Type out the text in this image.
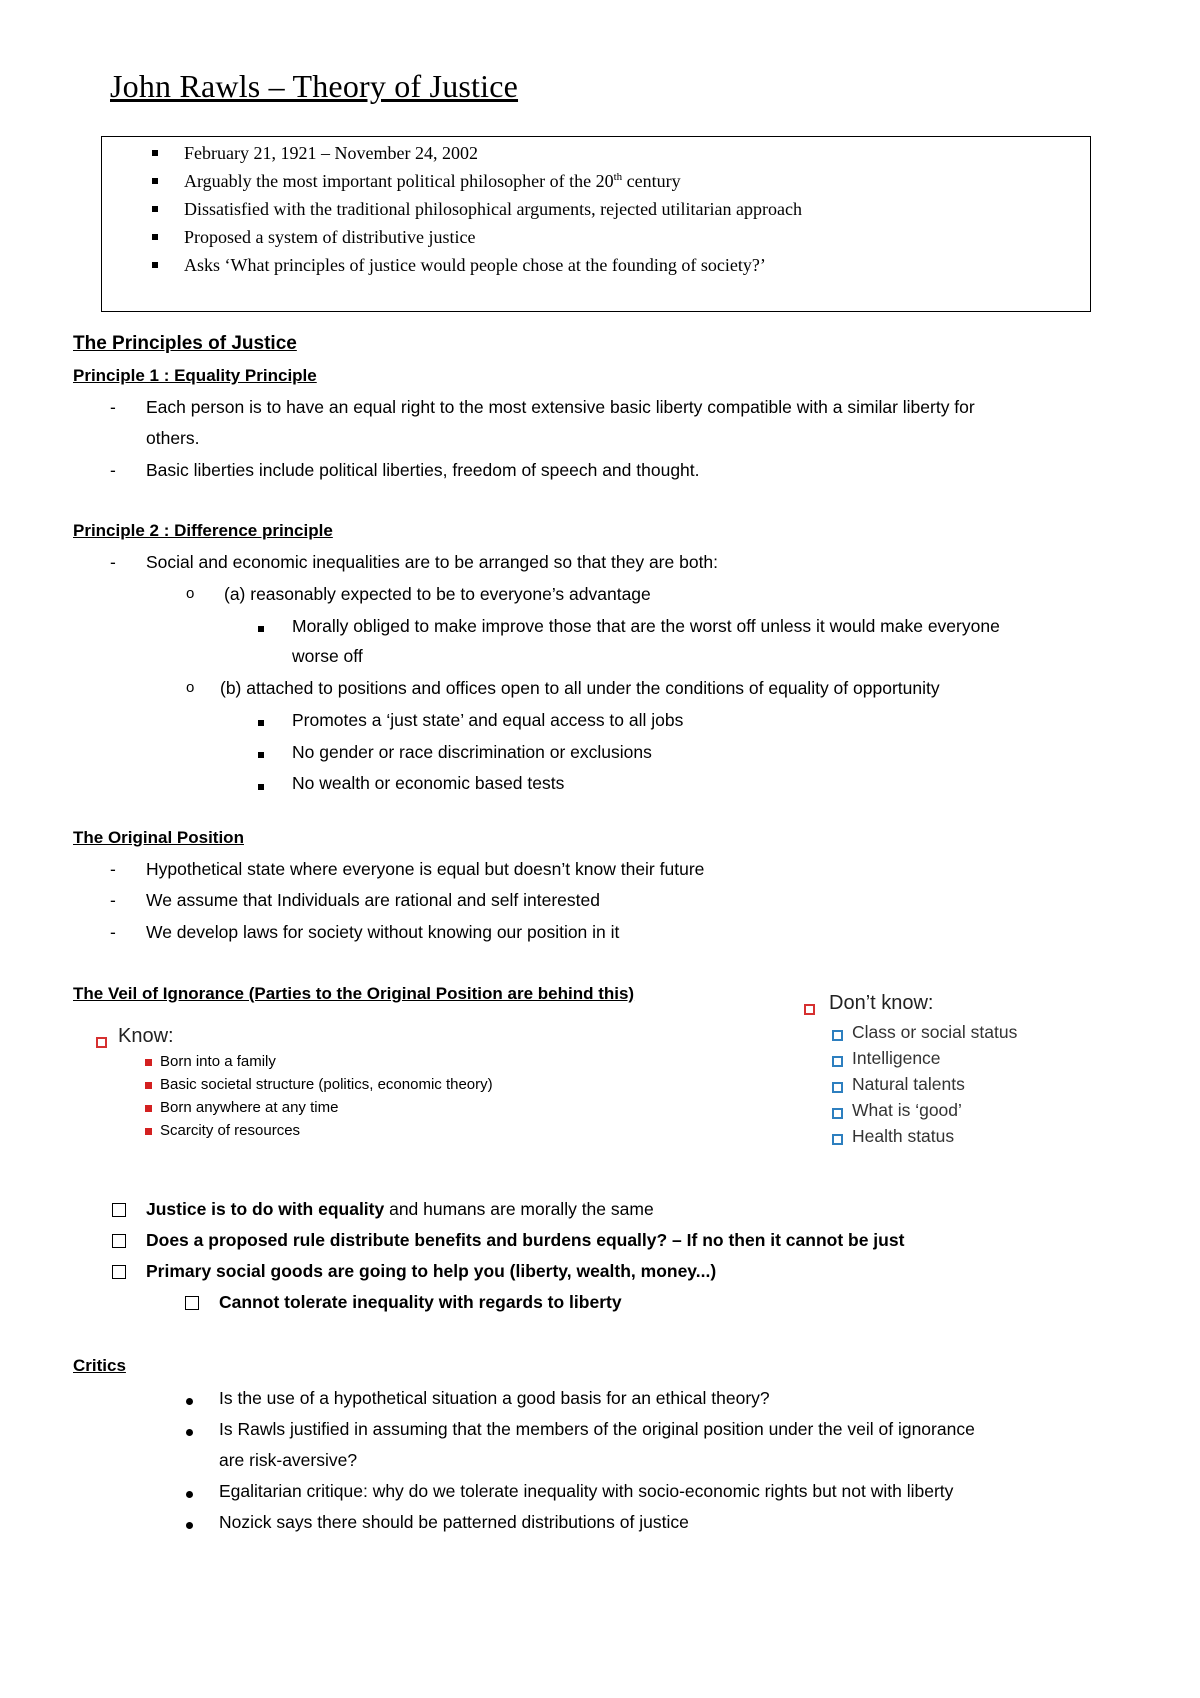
John Rawls – Theory of Justice
February 21, 1921 – November 24, 2002
Arguably the most important political philosopher of the 20th century
Dissatisfied with the traditional philosophical arguments, rejected utilitarian approach
Proposed a system of distributive justice
Asks ‘What principles of justice would people chose at the founding of society?’
The Principles of Justice
Principle 1 : Equality Principle
- Each person is to have an equal right to the most extensive basic liberty compatible with a similar liberty for
others.
- Basic liberties include political liberties, freedom of speech and thought.
Principle 2 : Difference principle
- Social and economic inequalities are to be arranged so that they are both:
o (a) reasonably expected to be to everyone’s advantage
Morally obliged to make improve those that are the worst off unless it would make everyone
worse off
o (b) attached to positions and offices open to all under the conditions of equality of opportunity
Promotes a ‘just state’ and equal access to all jobs
No gender or race discrimination or exclusions
No wealth or economic based tests
The Original Position
- Hypothetical state where everyone is equal but doesn’t know their future
- We assume that Individuals are rational and self interested
- We develop laws for society without knowing our position in it
The Veil of Ignorance (Parties to the Original Position are behind this)
Know:
Born into a family
Basic societal structure (politics, economic theory)
Born anywhere at any time
Scarcity of resources
Don’t know:
Class or social status
Intelligence
Natural talents
What is ‘good’
Health status
Justice is to do with equality and humans are morally the same
Does a proposed rule distribute benefits and burdens equally? – If no then it cannot be just
Primary social goods are going to help you (liberty, wealth, money...)
Cannot tolerate inequality with regards to liberty
Critics
Is the use of a hypothetical situation a good basis for an ethical theory?
Is Rawls justified in assuming that the members of the original position under the veil of ignorance
are risk-aversive?
Egalitarian critique: why do we tolerate inequality with socio-economic rights but not with liberty
Nozick says there should be patterned distributions of justice
